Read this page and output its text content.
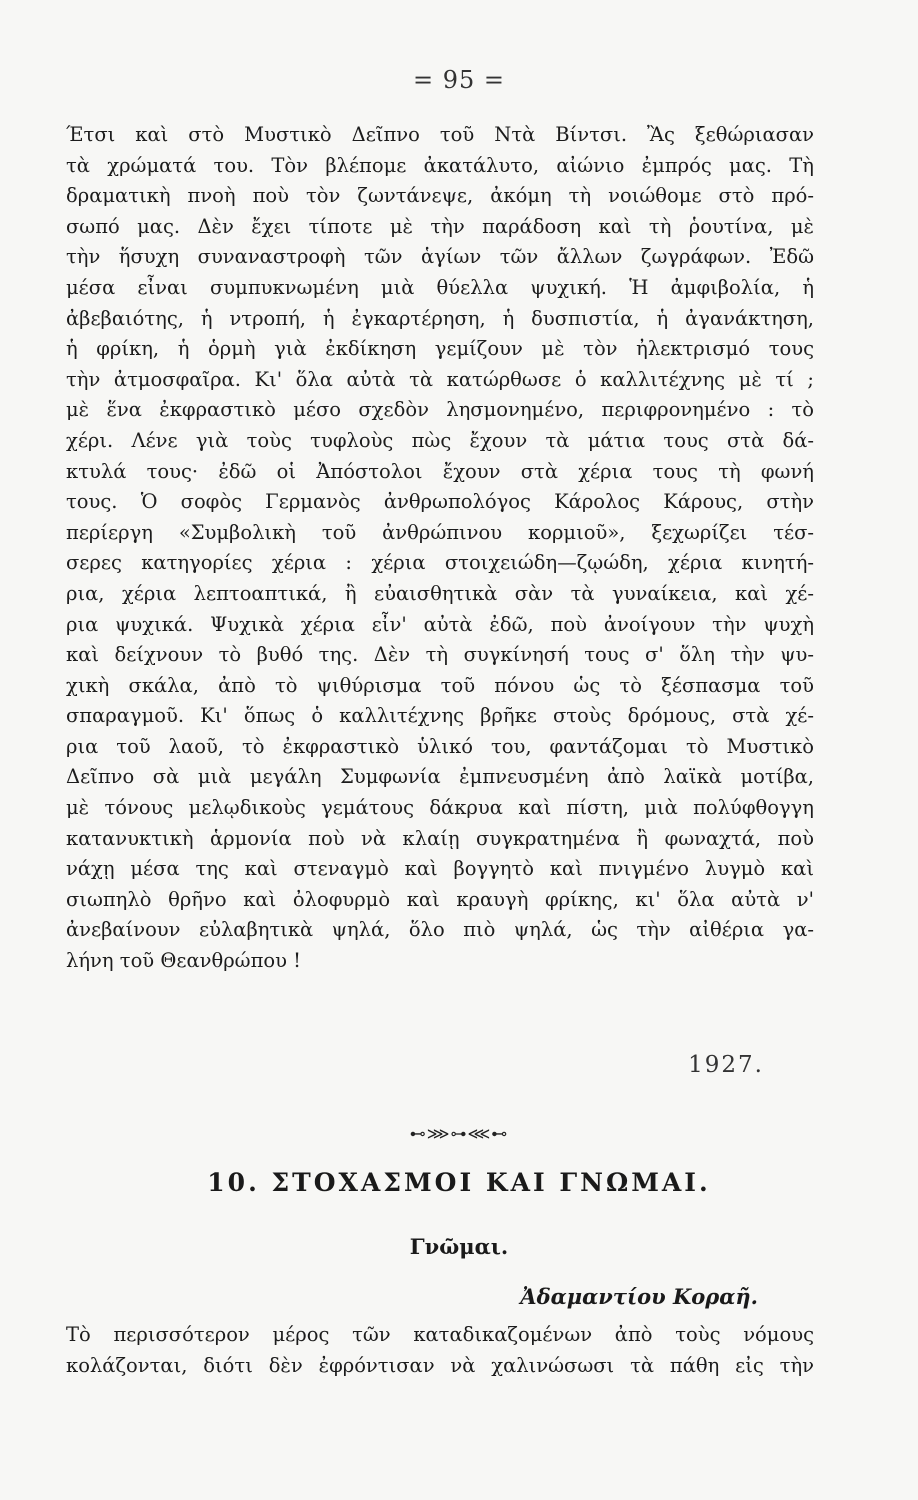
= 95 =
Έτσι καὶ στὸ Μυστικὸ Δεῖπνο τοῦ Ντὰ Βίντσι. Ἂς ξεθώριασαν
τὰ χρώματά του. Τὸν βλέπομε ἀκατάλυτο, αἰώνιο ἐμπρός μας. Τὴ
δραματικὴ πνοὴ ποὺ τὸν ζωντάνεψε, ἀκόμη τὴ νοιώθομε στὸ πρό-
σωπό μας. Δὲν ἔχει τίποτε μὲ τὴν παράδοση καὶ τὴ ῥουτίνα, μὲ
τὴν ἥσυχη συναναστροφὴ τῶν ἁγίων τῶν ἄλλων ζωγράφων. Ἐδῶ
μέσα εἶναι συμπυκνωμένη μιὰ θύελλα ψυχική. Ἡ ἀμφιβολία, ἡ
ἀβεβαιότης, ἡ ντροπή, ἡ ἐγκαρτέρηση, ἡ δυσπιστία, ἡ ἀγανάκτηση,
ἡ φρίκη, ἡ ὁρμὴ γιὰ ἐκδίκηση γεμίζουν μὲ τὸν ἠλεκτρισμό τους
τὴν ἀτμοσφαῖρα. Κι' ὅλα αὐτὰ τὰ κατώρθωσε ὁ καλλιτέχνης μὲ τί ;
μὲ ἕνα ἐκφραστικὸ μέσο σχεδὸν λησμονημένο, περιφρονημένο : τὸ
χέρι. Λένε γιὰ τοὺς τυφλοὺς πὼς ἔχουν τὰ μάτια τους στὰ δά-
κτυλά τους· ἐδῶ οἱ Ἀπόστολοι ἔχουν στὰ χέρια τους τὴ φωνή
τους. Ὁ σοφὸς Γερμανὸς ἀνθρωπολόγος Κάρολος Κάρους, στὴν
περίεργη «Συμβολικὴ τοῦ ἀνθρώπινου κορμιοῦ», ξεχωρίζει τέσ-
σερες κατηγορίες χέρια : χέρια στοιχειώδη—ζῳώδη, χέρια κινητή-
ρια, χέρια λεπτοαπτικά, ἢ εὐαισθητικὰ σὰν τὰ γυναίκεια, καὶ χέ-
ρια ψυχικά. Ψυχικὰ χέρια εἶν' αὐτὰ ἐδῶ, ποὺ ἀνοίγουν τὴν ψυχὴ
καὶ δείχνουν τὸ βυθό της. Δὲν τὴ συγκίνησή τους σ' ὅλη τὴν ψυ-
χικὴ σκάλα, ἀπὸ τὸ ψιθύρισμα τοῦ πόνου ὡς τὸ ξέσπασμα τοῦ
σπαραγμοῦ. Κι' ὅπως ὁ καλλιτέχνης βρῆκε στοὺς δρόμους, στὰ χέ-
ρια τοῦ λαοῦ, τὸ ἐκφραστικὸ ὑλικό του, φαντάζομαι τὸ Μυστικὸ
Δεῖπνο σὰ μιὰ μεγάλη Συμφωνία ἐμπνευσμένη ἀπὸ λαϊκὰ μοτίβα,
μὲ τόνους μελῳδικοὺς γεμάτους δάκρυα καὶ πίστη, μιὰ πολύφθογγη
κατανυκτικὴ ἁρμονία ποὺ νὰ κλαίῃ συγκρατημένα ἢ φωναχτά, ποὺ
νάχῃ μέσα της καὶ στεναγμὸ καὶ βογγητὸ καὶ πνιγμένο λυγμὸ καὶ
σιωπηλὸ θρῆνο καὶ ὀλοφυρμὸ καὶ κραυγὴ φρίκης, κι' ὅλα αὐτὰ ν'
ἀνεβαίνουν εὐλαβητικὰ ψηλά, ὅλο πιὸ ψηλά, ὡς τὴν αἰθέρια γα-
λήνη τοῦ Θεανθρώπου !
1927.
⊷⋙⊶⋘⊷
10. ΣΤΟΧΑΣΜΟΙ ΚΑΙ ΓΝΩΜΑΙ.
Γνῶμαι.
Ἀδαμαντίου Κοραῆ.
Τὸ περισσότερον μέρος τῶν καταδικαζομένων ἀπὸ τοὺς νόμους
κολάζονται, διότι δὲν ἐφρόντισαν νὰ χαλινώσωσι τὰ πάθη εἰς τὴν
